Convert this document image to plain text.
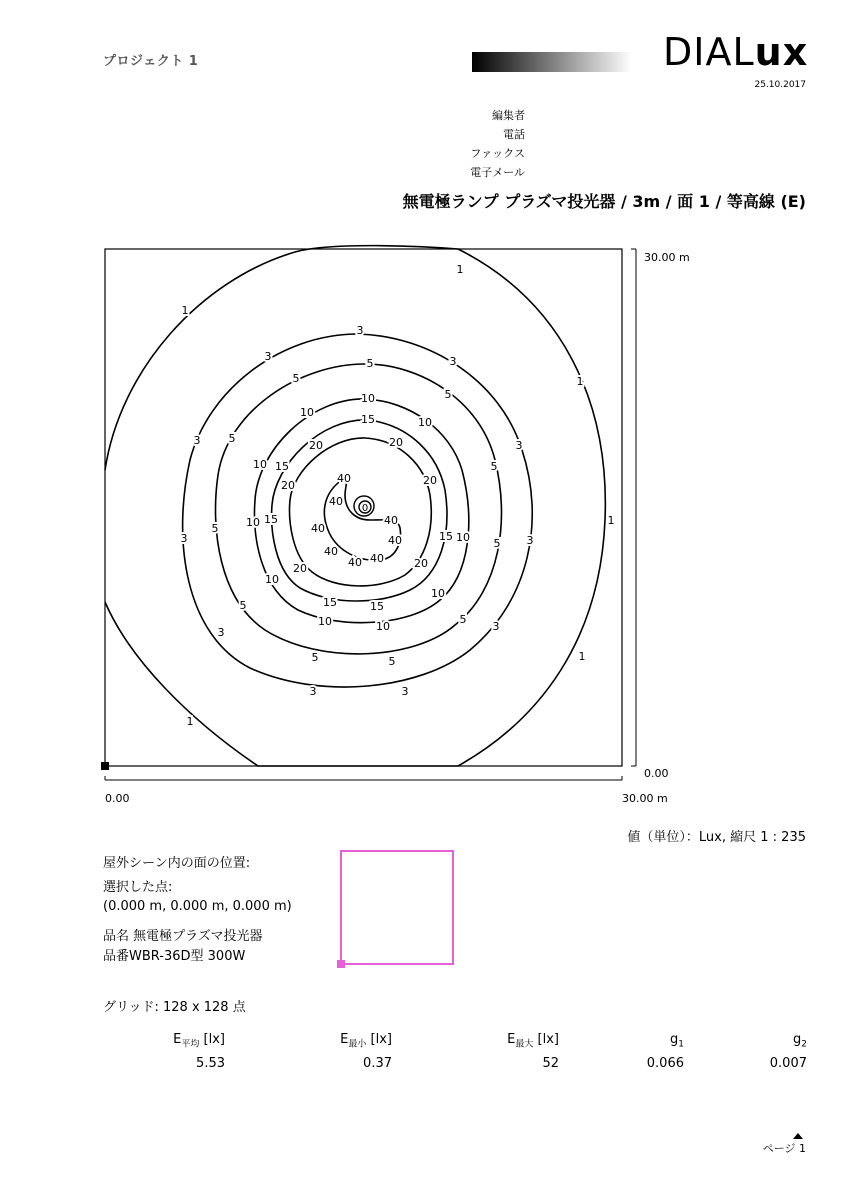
プロジェクト 1	DIALux
25.10.2017
編集者
電話
ファックス
電子メール
無電極ランプ プラズマ投光器 / 3m / 面 1 / 等高線 (E)
1
1
1
1
1
1
3
3	3
3	3
3	3
3	3
3	3
5
5
5
5
5
5
5
5
5
5	5
10
10
10
10
10
10
10
10
10	10
15
15
15
15
15	15
20	20
20	20
20	20
40
40
40
40
40
40
40 40
0
30.00 m
0.00
0.00	30.00 m
値（単位）：Lux, 縮尺 1 : 235
屋外シーン内の面の位置:
選択した点:
(0.000 m, 0.000 m, 0.000 m)
品名 無電極プラズマ投光器
品番WBR-36D型 300W
グリッド: 128 x 128 点
$E_{平均}$ [lx]	$E_{最小}$ [lx]	$E_{最大}$ [lx]	$g_1$	$g_2$
5.53	0.37	52	0.066	0.007
ページ 1
